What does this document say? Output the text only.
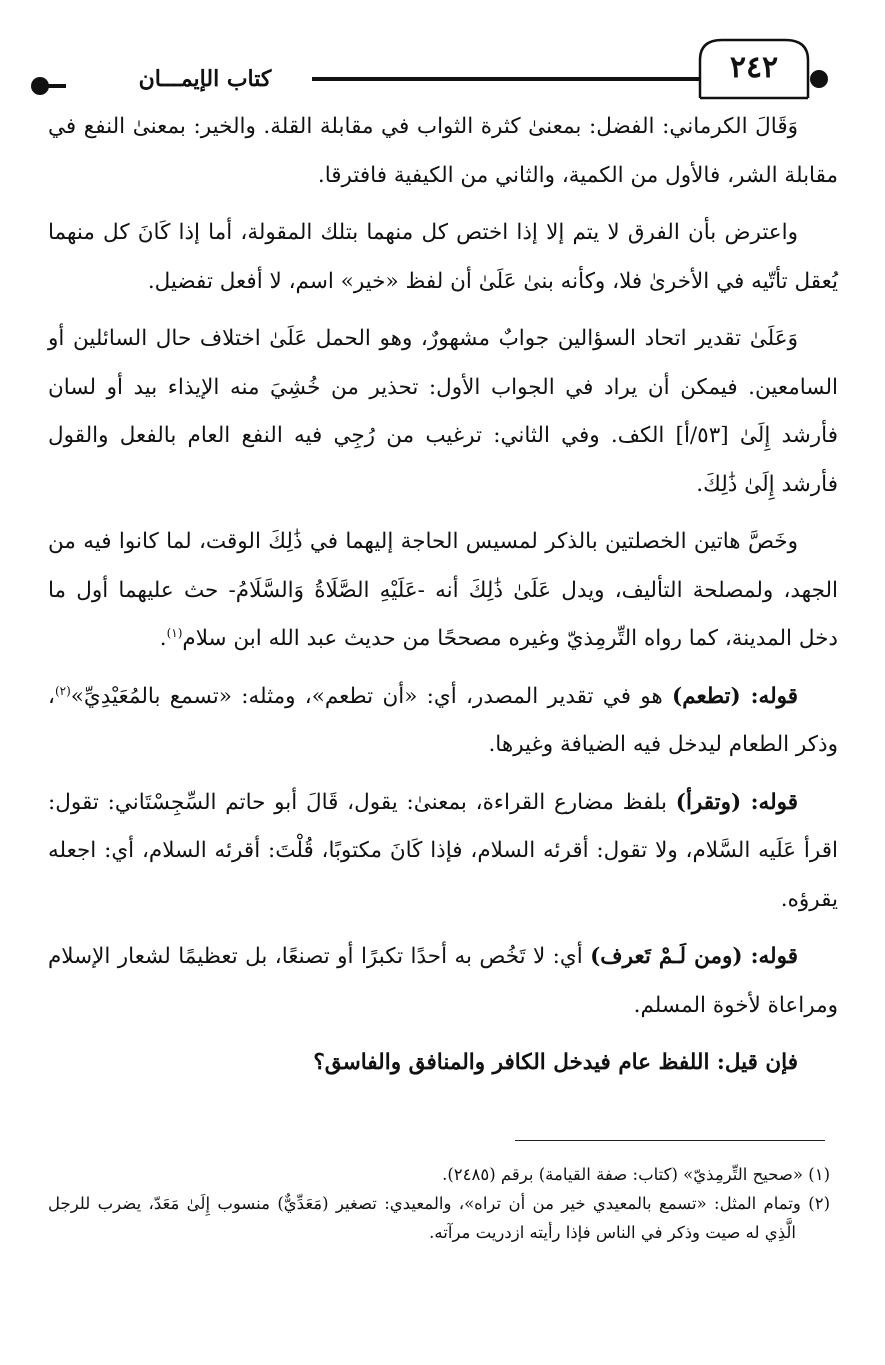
٢٤٢
كتاب الإيمـــان

وَقَالَ الكرماني: الفضل: بمعنىٰ كثرة الثواب في مقابلة القلة. والخير: بمعنىٰ النفع في مقابلة الشر، فالأول من الكمية، والثاني من الكيفية فافترقا.

واعترض بأن الفرق لا يتم إلا إذا اختص كل منهما بتلك المقولة، أما إذا كَانَ كل منهما يُعقل تأتّيه في الأخرىٰ فلا، وكأنه بنىٰ عَلَىٰ أن لفظ «خير» اسم، لا أفعل تفضيل.

وَعَلَىٰ تقدير اتحاد السؤالين جوابٌ مشهورٌ، وهو الحمل عَلَىٰ اختلاف حال السائلين أو السامعين. فيمكن أن يراد في الجواب الأول: تحذير من خُشِيَ منه الإيذاء بيد أو لسان فأرشد إِلَىٰ [٥٣/أ] الكف. وفي الثاني: ترغيب من رُجِي فيه النفع العام بالفعل والقول فأرشد إِلَىٰ ذَٰلِكَ.

وخَصَّ هاتين الخصلتين بالذكر لمسيس الحاجة إليهما في ذَٰلِكَ الوقت، لما كانوا فيه من الجهد، ولمصلحة التأليف، ويدل عَلَىٰ ذَٰلِكَ أنه -عَلَيْهِ الصَّلَاةُ وَالسَّلَامُ- حث عليهما أول ما دخل المدينة، كما رواه التِّرمِذيّ وغيره مصححًا من حديث عبد الله ابن سلام$^{(١)}$.

قوله: (تطعم) هو في تقدير المصدر، أي: «أن تطعم»، ومثله: «تسمع بالمُعَيْدِيِّ»$^{(٢)}$، وذكر الطعام ليدخل فيه الضيافة وغيرها.

قوله: (وتقرأ) بلفظ مضارع القراءة، بمعنىٰ: يقول، قَالَ أبو حاتم السِّجِسْتَاني: تقول: اقرأ عَلَيه السَّلام، ولا تقول: أقرئه السلام، فإذا كَانَ مكتوبًا، قُلْتَ: أقرئه السلام، أي: اجعله يقرؤه.

قوله: (ومن لَـمْ تَعرف) أي: لا تَخُص به أحدًا تكبرًا أو تصنعًا، بل تعظيمًا لشعار الإسلام ومراعاة لأخوة المسلم.

فإن قيل: اللفظ عام فيدخل الكافر والمنافق والفاسق؟

(١) «صحيح التِّرمِذيّ» (كتاب: صفة القيامة) برقم (٢٤٨٥).

(٢) وتمام المثل: «تسمع بالمعيدي خير من أن تراه»، والمعيدي: تصغير (مَعَدِّيٌّ) منسوب إِلَىٰ مَعَدّ، يضرب للرجل الَّذِي له صيت وذكر في الناس فإذا رأيته ازدريت مرآته.
